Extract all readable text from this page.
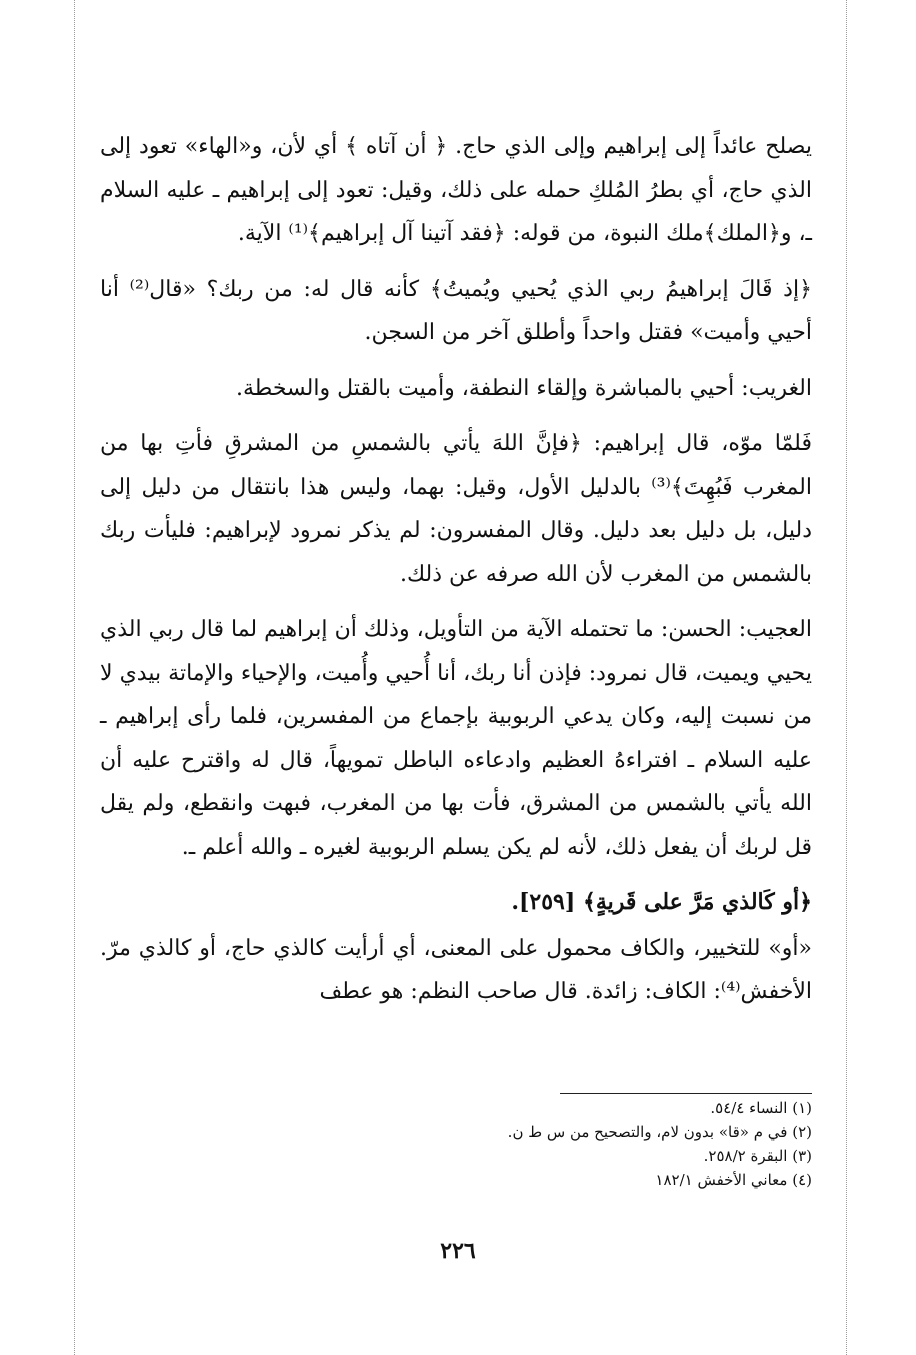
يصلح عائداً إلى إبراهيم وإلى الذي حاج. ﴿ أن آتاه ﴾ أي لأن، و«الهاء» تعود إلى الذي حاج، أي بطرُ المُلكِ حمله على ذلك، وقيل: تعود إلى إبراهيم ـ عليه السلام ـ، و﴿الملك﴾ملك النبوة، من قوله: ﴿فقد آتينا آل إبراهيم﴾⁽¹⁾ الآية.

﴿إذ قَالَ إبراهيمُ ربي الذي يُحيي ويُميتُ﴾ كأنه قال له: من ربك؟ «قال⁽²⁾ أنا أحيي وأميت» فقتل واحداً وأطلق آخر من السجن.

الغريب: أحيي بالمباشرة وإلقاء النطفة، وأميت بالقتل والسخطة.

فَلمّا موّه، قال إبراهيم: ﴿فإنَّ اللهَ يأتي بالشمسِ من المشرقِ فأتِ بها من المغرب فَبُهِتَ﴾⁽³⁾ بالدليل الأول، وقيل: بهما، وليس هذا بانتقال من دليل إلى دليل، بل دليل بعد دليل. وقال المفسرون: لم يذكر نمرود لإبراهيم: فليأت ربك بالشمس من المغرب لأن الله صرفه عن ذلك.

العجيب: الحسن: ما تحتمله الآية من التأويل، وذلك أن إبراهيم لما قال ربي الذي يحيي ويميت، قال نمرود: فإذن أنا ربك، أنا أُحيي وأُميت، والإحياء والإماتة بيدي لا من نسبت إليه، وكان يدعي الربوبية بإجماع من المفسرين، فلما رأى إبراهيم ـ عليه السلام ـ افتراءهُ العظيم وادعاءه الباطل تمويهاً، قال له واقترح عليه أن الله يأتي بالشمس من المشرق، فأت بها من المغرب، فبهت وانقطع، ولم يقل قل لربك أن يفعل ذلك، لأنه لم يكن يسلم الربوبية لغيره ـ والله أعلم ـ.

﴿أو كَالذي مَرَّ على قَريةٍ﴾ [٢٥٩].

«أو» للتخيير، والكاف محمول على المعنى، أي أرأيت كالذي حاج، أو كالذي مرّ. الأخفش⁽⁴⁾: الكاف: زائدة. قال صاحب النظم: هو عطف

(١) النساء ٥٤/٤.

(٢) في م «قا» بدون لام، والتصحيح من س ط ن.

(٣) البقرة ٢٥٨/٢.

(٤) معاني الأخفش ١٨٢/١

٢٢٦
